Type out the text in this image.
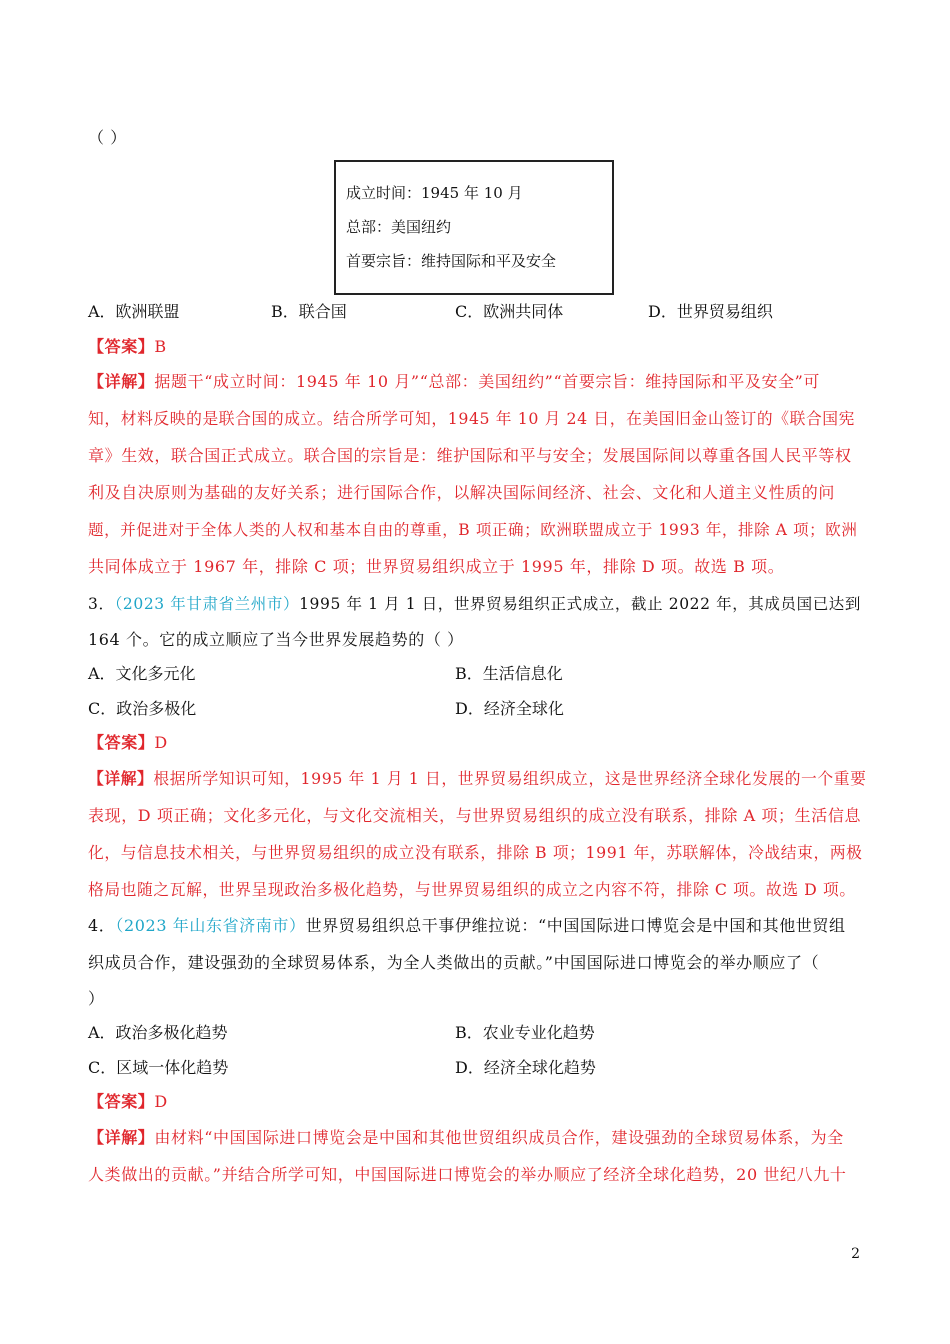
（ ）
成立时间：1945 年 10 月
总部：美国纽约
首要宗旨：维持国际和平及安全
A．欧洲联盟	B．联合国	C．欧洲共同体	D．世界贸易组织
【答案】B
【详解】据题干“成立时间：1945 年 10 月”“总部：美国纽约”“首要宗旨：维持国际和平及安全”可
知，材料反映的是联合国的成立。结合所学可知，1945 年 10 月 24 日，在美国旧金山签订的《联合国宪
章》生效，联合国正式成立。联合国的宗旨是：维护国际和平与安全；发展国际间以尊重各国人民平等权
利及自决原则为基础的友好关系；进行国际合作，以解决国际间经济、社会、文化和人道主义性质的问
题，并促进对于全体人类的人权和基本自由的尊重，B 项正确；欧洲联盟成立于 1993 年，排除 A 项；欧洲
共同体成立于 1967 年，排除 C 项；世界贸易组织成立于 1995 年，排除 D 项。故选 B 项。
3．（2023 年甘肃省兰州市）1995 年 1 月 1 日，世界贸易组织正式成立，截止 2022 年，其成员国已达到
164 个。它的成立顺应了当今世界发展趋势的（ ）
A．文化多元化	B．生活信息化
C．政治多极化	D．经济全球化
【答案】D
【详解】根据所学知识可知，1995 年 1 月 1 日，世界贸易组织成立，这是世界经济全球化发展的一个重要
表现，D 项正确；文化多元化，与文化交流相关，与世界贸易组织的成立没有联系，排除 A 项；生活信息
化，与信息技术相关，与世界贸易组织的成立没有联系，排除 B 项；1991 年，苏联解体，冷战结束，两极
格局也随之瓦解，世界呈现政治多极化趋势，与世界贸易组织的成立之内容不符，排除 C 项。故选 D 项。
4．（2023 年山东省济南市）世界贸易组织总干事伊维拉说：“中国国际进口博览会是中国和其他世贸组
织成员合作，建设强劲的全球贸易体系，为全人类做出的贡献。”中国国际进口博览会的举办顺应了（
）
A．政治多极化趋势	B．农业专业化趋势
C．区域一体化趋势	D．经济全球化趋势
【答案】D
【详解】由材料“中国国际进口博览会是中国和其他世贸组织成员合作，建设强劲的全球贸易体系，为全
人类做出的贡献。”并结合所学可知，中国国际进口博览会的举办顺应了经济全球化趋势，20 世纪八九十
2
